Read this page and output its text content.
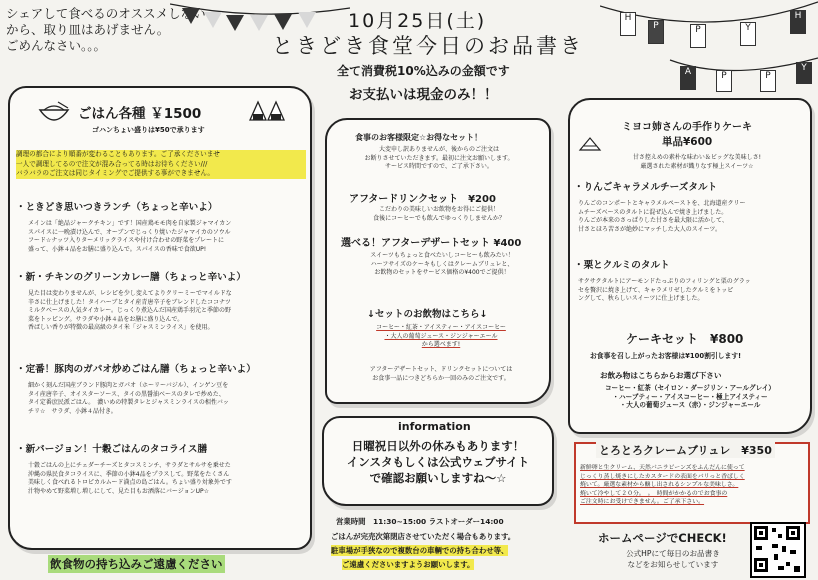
シェアして食べるのオススメしない
から、取り皿はあげません。
ごめんなさい。。。
H
P	P	Y
H
A	P	P
Y
10月25日(土)
ときどき食堂今日のお品書き
全て消費税10%込みの金額です
お支払いは現金のみ！！
ごはん各種 ￥1500
ゴハンちょい盛りは¥50で承ります
調理の都合により順番が変わることもあります。ご了承くださいませ
一人で調理してるので注文が混み合ってる時はお待ちください///
バラバラのご注文は同じタイミングでご提供する事ができません。
・ときどき思いつきランチ（ちょっと辛いよ）
メインは「絶品ジャークチキン」です！国産鶏モモ肉を自家製ジャマイカン
スパイスに一晩漬け込んで、オーブンでじっくり焼いたジャマイカのソウル
フード☆ナッツ入りターメリックライスや付け合わせの野菜をプレートに
盛って、小鉢４品をお膳に盛り込んで。スパイスの香味で食欲UP!
・新・チキンのグリーンカレー膳（ちょっと辛いよ）
見た目は変わりませんが、レシピを少し変えてよりクリーミーでマイルドな
辛さに仕上げました！タイハーブとタイ産青唐辛子をブレンドしたココナツ
ミルクベースの人気タイカレー。じっくり煮込んだ国産鶏手羽元と季節の野
菜をトッピング。サラダや小鉢４品をお膳に盛り込んで。
香ばしい香りが特徴の最高級のタイ米「ジャスミンライス」を使用。
・定番！豚肉のガパオ炒めごはん膳（ちょっと辛いよ）
細かく刻んだ国産ブランド豚肉とガパオ（ホーリーバジル）、インゲン豆を
タイ産唐辛子、オイスターソース、タイの黒醤油ベースのタレで炒めた、
タイ定番庶民派ごはん。　濃いめの特製タレとジャスミンライスの相性バッ
チリ☆　サラダ、小鉢４品付き。
・新バージョン！十穀ごはんのタコライス膳
十穀ごはんの上にチェダーチーズとタコスミンチ、サラダとサルサを乗せた
沖縄の県民食タコライスに、季節の小鉢4品をプラスして。野菜をたくさん
美味しく食べれるトロピカルムード満点の島ごはん。ちょい盛り対象外です
汁物やめて野菜増し増しにして、見た目もお洒落にバージョンUP☆
飲食物の持ち込みご遠慮ください
食事のお客様限定☆お得なセット！
大変申し訳ありませんが、後からのご注文は
お断りさせていただきます。最初に注文お願いします。
サービス時間ですので、ご了承下さい。
アフタードリンクセット　¥200
こだわりの美味しいお飲物をお得にご提供！
食後にコーヒーでも飲んでゆっくりしませんか？
選べる！アフターデザートセット ¥400
スイーツもちょっと食べたいしコーヒーも飲みたい！
ハーフサイズのケーキもしくはクレームブリュレと、
お飲物のセットをサービス価格の¥400でご提供！
↓セットのお飲物はこちら↓
コーヒー・紅茶・アイスティー・アイスコーヒー
・大人の葡萄ジュース・ジンジャーエール
から選べます!
アフターデザートセット、ドリンクセットについては
お食事一品につきどちらか一回のみのご注文です。
information
日曜祝日以外の休みもあります！
インスタもしくは公式ウェブサイト
で確認お願いしますね〜☆
営業時間　11:30~15:00 ラストオーダー14:00
ごはんが完売次第閉店させていただく場合もあります。
駐車場が手狭なので複数台の車輌での持ち合わせ等、
ご遠慮くださいますようお願いします。
ミヨコ姉さんの手作りケーキ
単品¥600
甘さ控えめの素朴な味わい＆ビッグな美味しさ!
厳選された素材が織りなす極上スイーツ☆
・りんごキャラメルチーズタルト
りんごのコンポートとキャラメルペーストを、北海道産クリー
ムチーズベースのタルトに混ぜ込んで焼き上げました。
りんごが本来のさっぱりした甘さを最大限に活かして、
甘さとほろ苦さが絶妙にマッチした大人のスイーツ。
・栗とクルミのタルト
サクサクタルトにアーモンドたっぷりのフィリングと栗のグラッ
セを贅沢に焼き上げて、キャラメリゼしたクルミをトッピ
ングして、秋らしいスイーツに仕上げました。
ケーキセット　¥800
お食事を召し上がったお客様は¥100割引します!
お飲み物はこちらからお選び下さい
コーヒー・紅茶（セイロン・ダージリン・アールグレイ）
・ハーブティー・アイスコーヒー・極上アイスティー
・大人の葡萄ジュース（赤）・ジンジャーエール
とろとろクレームブリュレ　¥350
新鮮卵と生クリーム、天然バニラビーンズをふんだんに使って
じっくり蒸し焼きにしたカスタードの表面をパリっと香ばしく
焼いて。厳選な素材から醸し出されるシンプルな美味しさ。
焼いて冷やして２０分。　。　時間がかかるのでお食事の
ご注文時にお受けできません。ご了承下さい。
ホームページでCHECK!
公式HPにて毎日のお品書き
などをお知らせしています
